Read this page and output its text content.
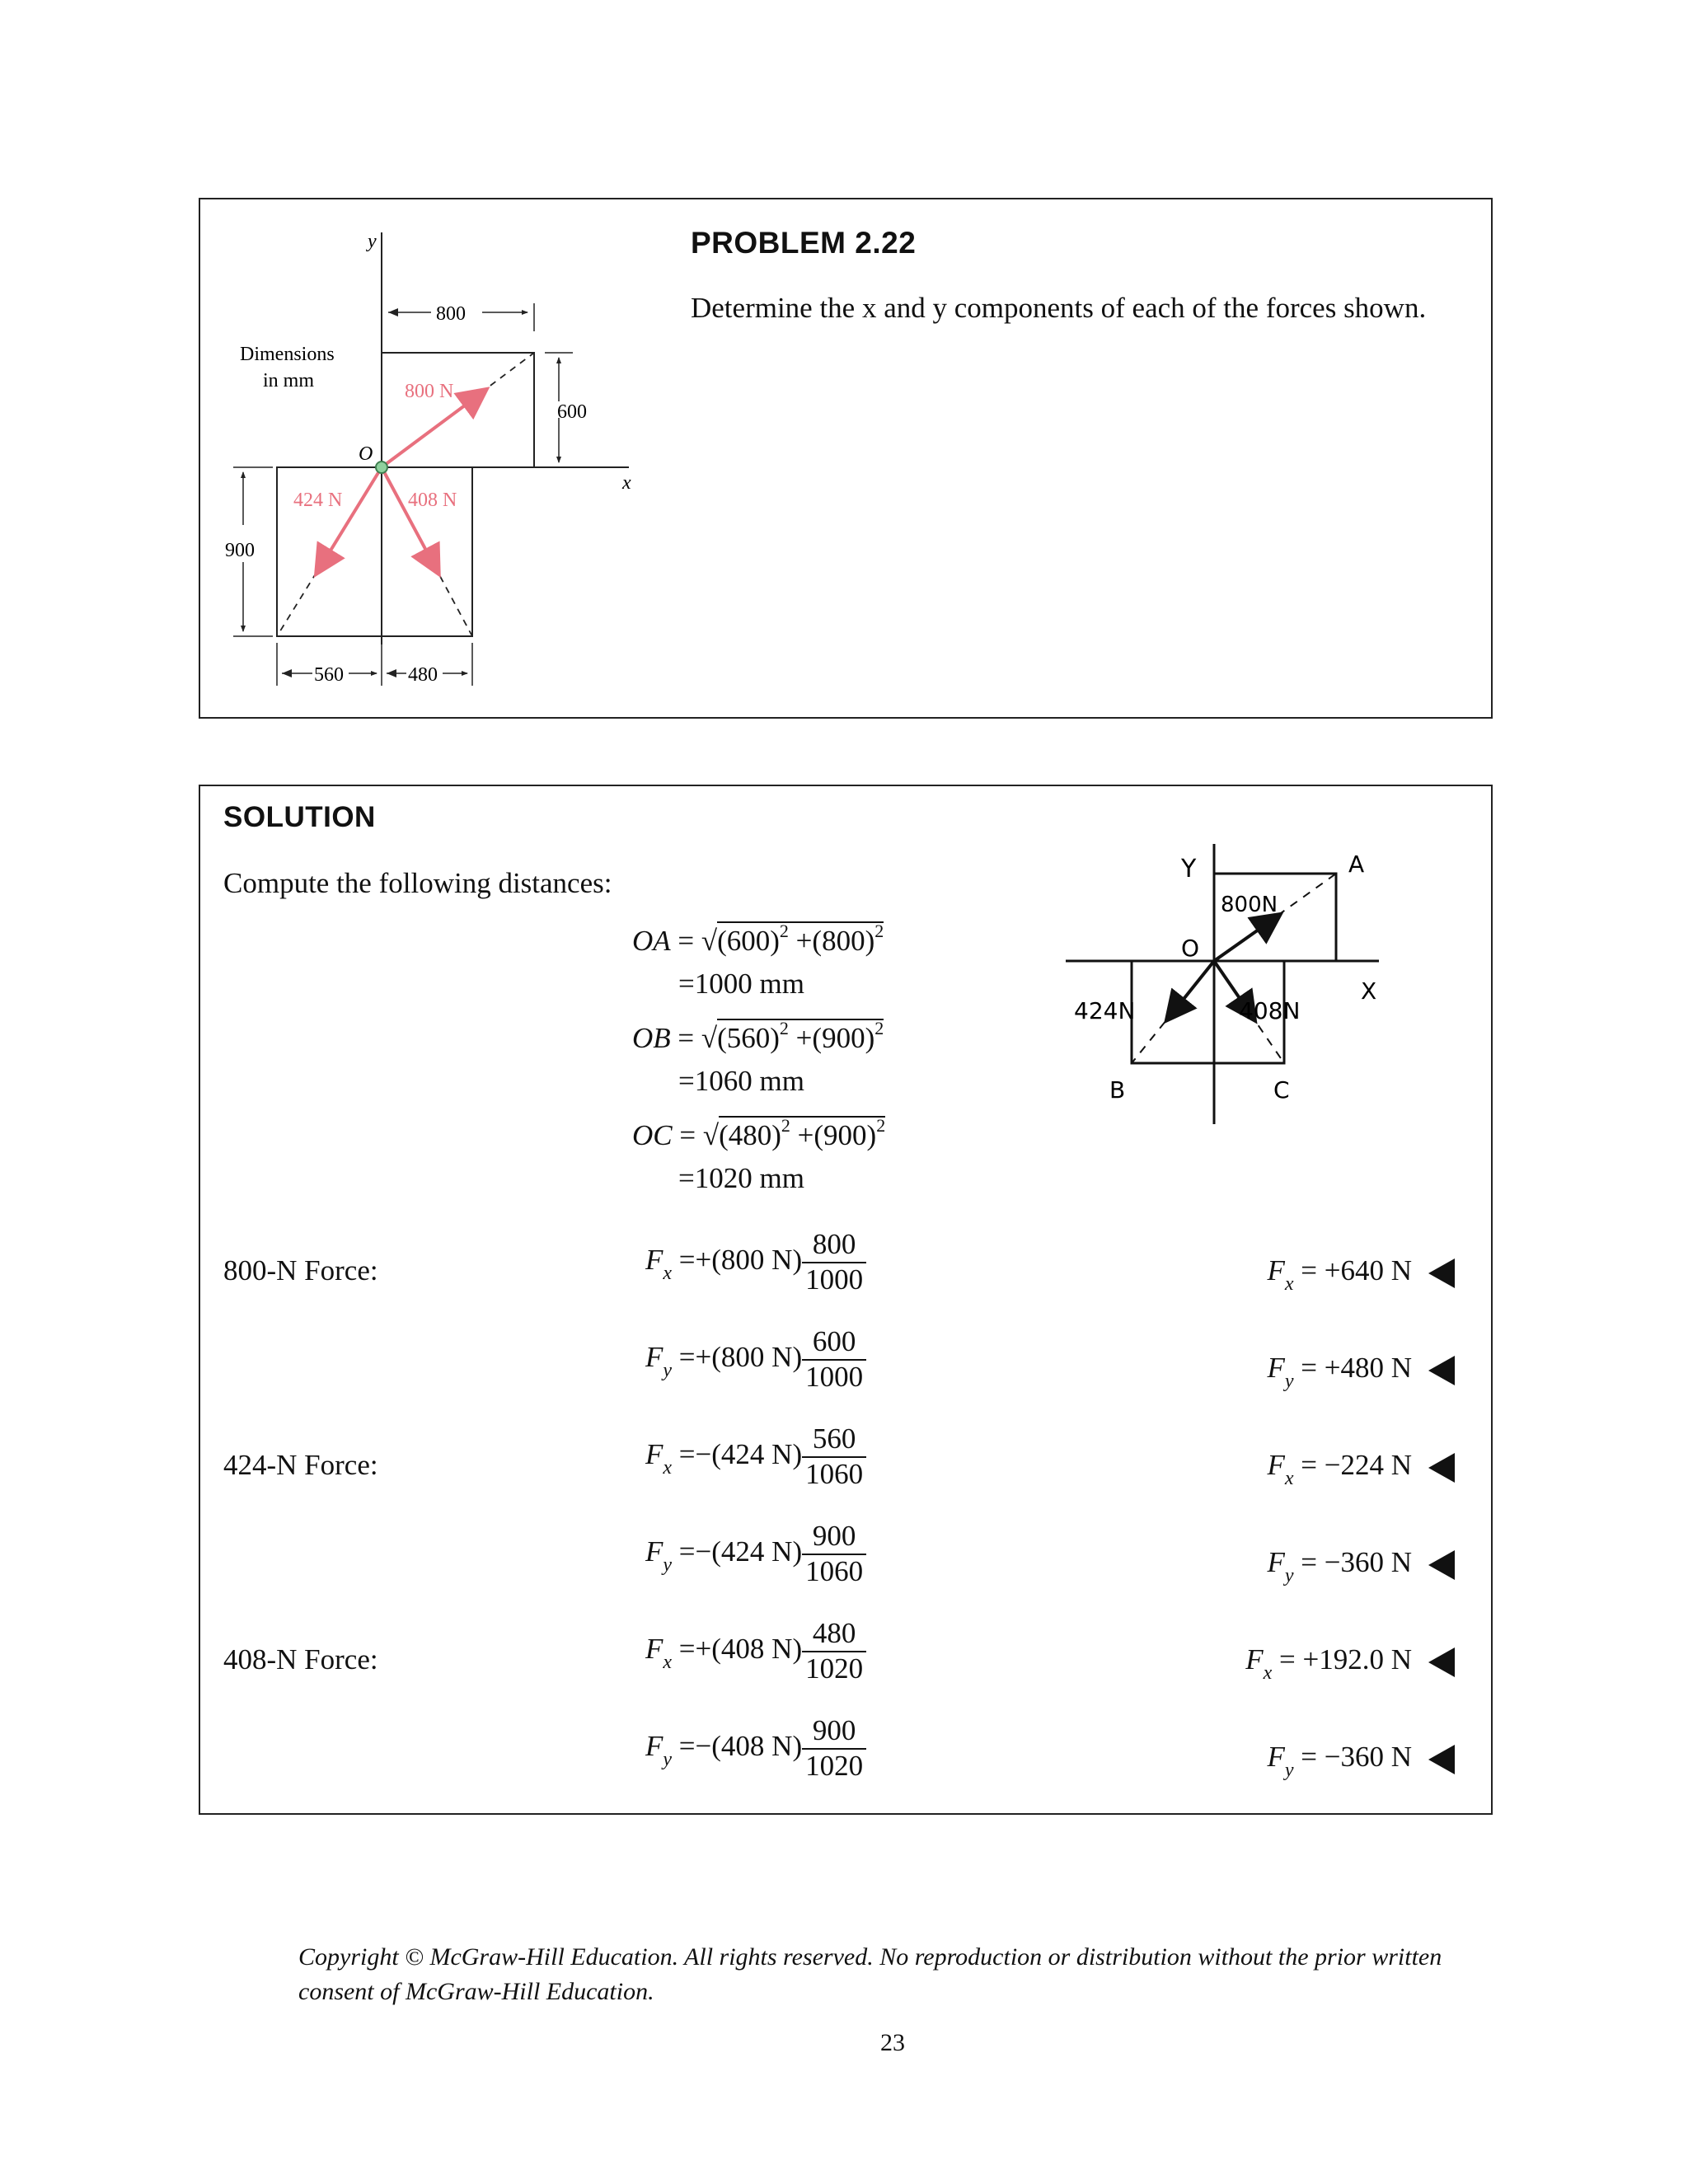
y
x
O
800 N
424 N	408 N
Dimensions
in mm
800
600
900
560	480
PROBLEM 2.22
Determine the x and y components of each of the forces shown.
SOLUTION
Compute the following distances:
OA = $√(600)^2 +(800)^2$
=1000 mm
OB = $√(560)^2 +(900)^2$
=1060 mm
OC = $√(480)^2 +(900)^2$
=1020 mm
Y
X
O
A
B	C
800N
424N	408N
800-N Force:	$F_x =+(800$ $N) \frac{800}{1000}$	$F_x = +640$ N
$F_y =+(800$ $N) \frac{600}{1000}$	$F_y = +480$ N
424-N Force:	$F_x =-(424$ $N) \frac{560}{1060}$	$F_x = -224$ N
$F_y =-(424$ $N) \frac{900}{1060}$	$F_y = -360$ N
408-N Force:	$F_x =+(408$ $N) \frac{480}{1020}$	$F_x = +192.0$ N
$F_y =-(408$ $N) \frac{900}{1020}$	$F_y = -360$ N
Copyright © McGraw-Hill Education. All rights reserved. No reproduction or distribution without the prior written consent of McGraw-Hill Education.
23
